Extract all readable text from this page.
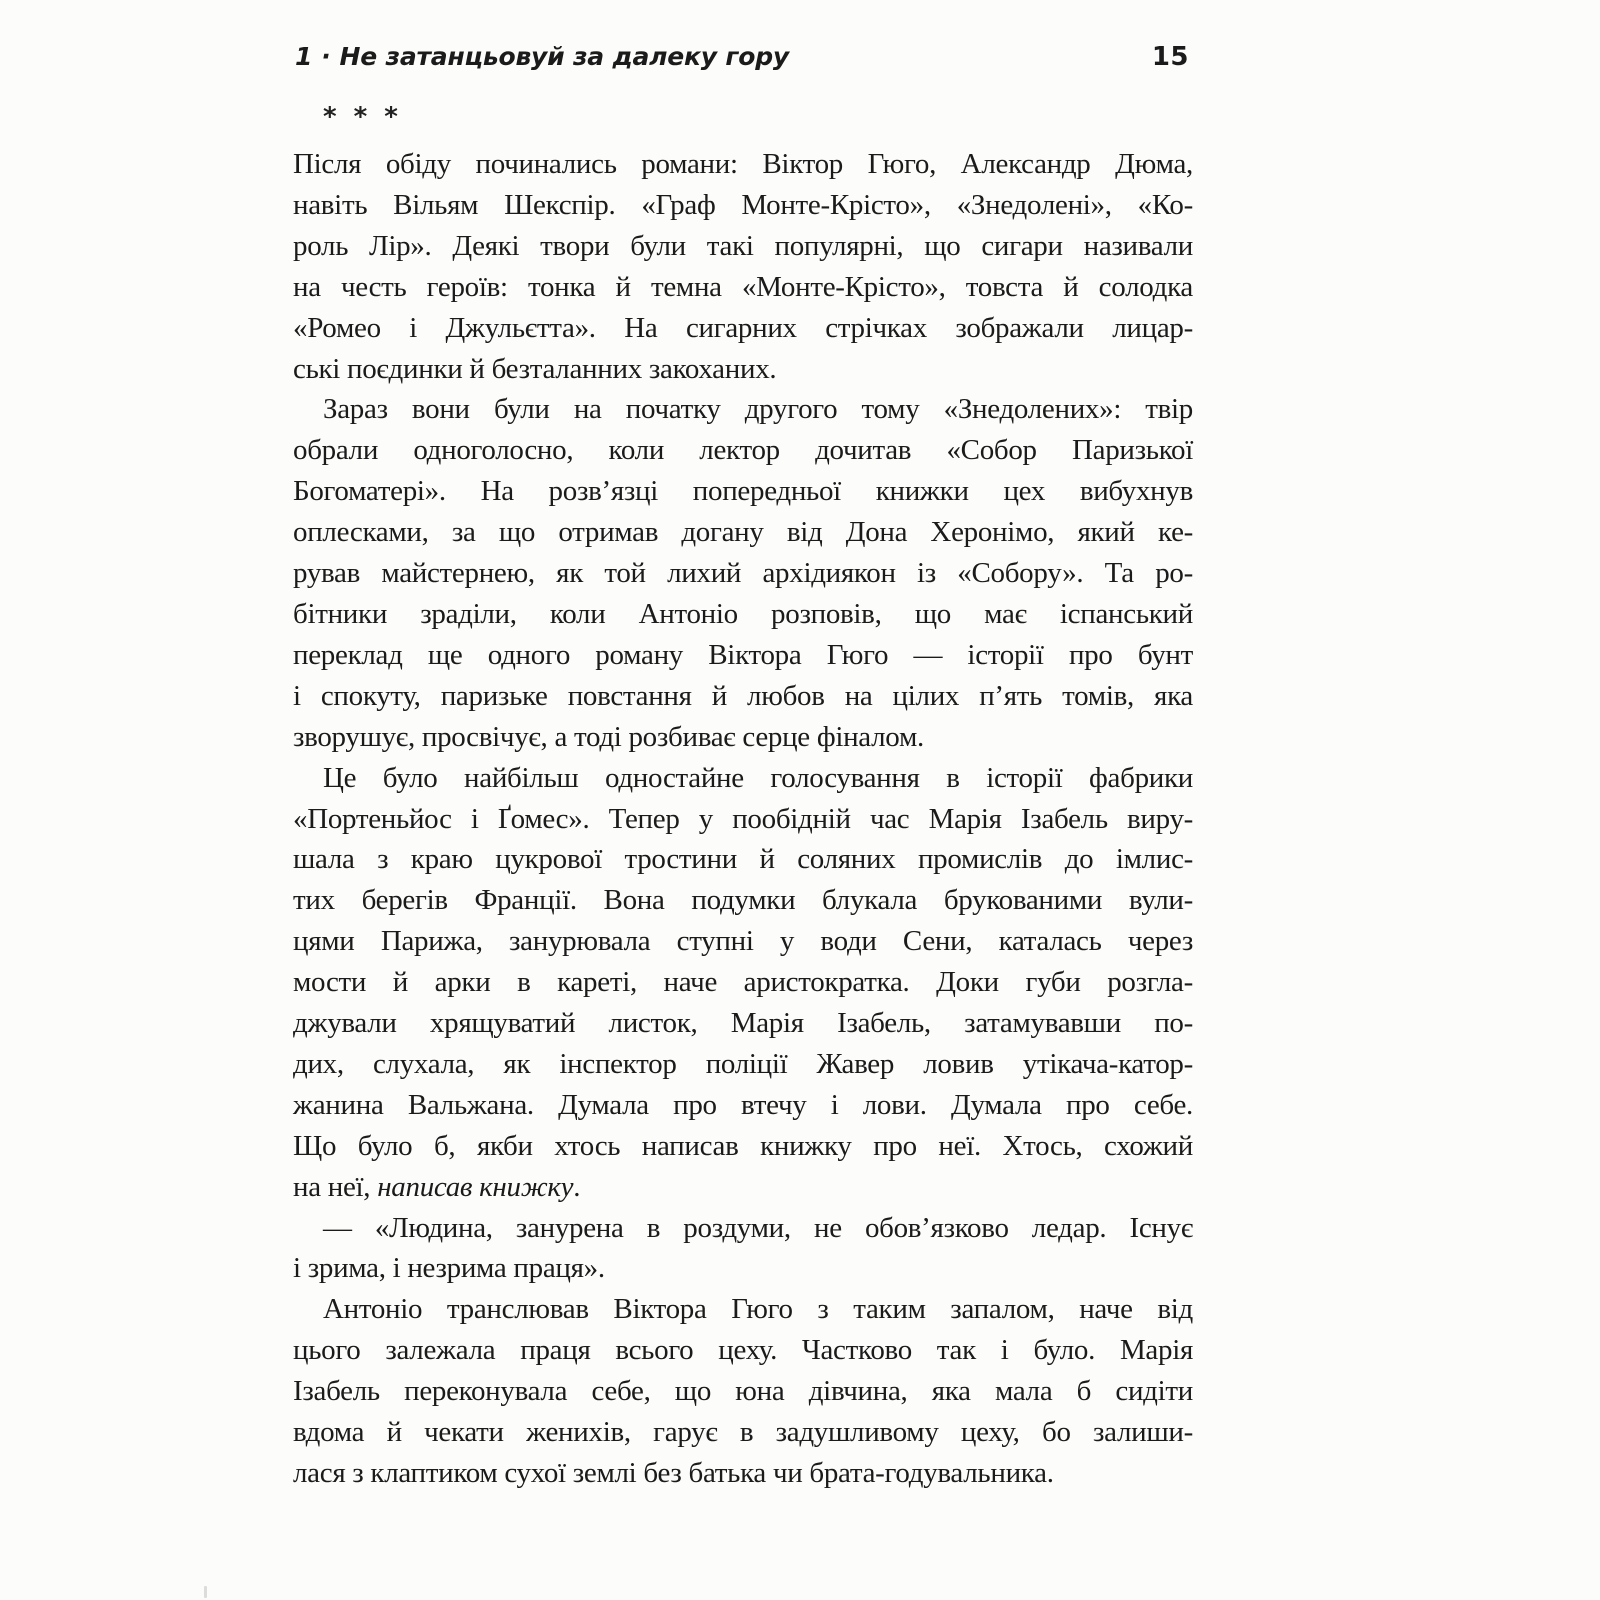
1 · Не затанцьовуй за далеку гору	15
* * *
Після обіду починались романи: Віктор Гюго, Александр Дюма,
навіть Вільям Шекспір. «Граф Монте-Крісто», «Знедолені», «Ко-
роль Лір». Деякі твори були такі популярні, що сигари називали
на честь героїв: тонка й темна «Монте-Крісто», товста й солодка
«Ромео і Джульєтта». На сигарних стрічках зображали лицар-
ські поєдинки й безталанних закоханих.
Зараз вони були на початку другого тому «Знедолених»: твір
обрали одноголосно, коли лектор дочитав «Собор Паризької
Богоматері». На розв’язці попередньої книжки цех вибухнув
оплесками, за що отримав догану від Дона Херонімо, який ке-
рував майстернею, як той лихий архідиякон із «Собору». Та ро-
бітники зраділи, коли Антоніо розповів, що має іспанський
переклад ще одного роману Віктора Гюго — історії про бунт
і спокуту, паризьке повстання й любов на цілих п’ять томів, яка
зворушує, просвічує, а тоді розбиває серце фіналом.
Це було найбільш одностайне голосування в історії фабрики
«Портеньйос і Ґомес». Тепер у пообідній час Марія Ізабель виру-
шала з краю цукрової тростини й соляних промислів до імлис-
тих берегів Франції. Вона подумки блукала брукованими вули-
цями Парижа, занурювала ступні у води Сени, каталась через
мости й арки в кареті, наче аристократка. Доки губи розгла-
джували хрящуватий листок, Марія Ізабель, затамувавши по-
дих, слухала, як інспектор поліції Жавер ловив утікача-катор-
жанина Вальжана. Думала про втечу і лови. Думала про себе.
Що було б, якби хтось написав книжку про неї. Хтось, схожий
на неї, написав книжку.
— «Людина, занурена в роздуми, не обов’язково ледар. Існує
і зрима, і незрима праця».
Антоніо транслював Віктора Гюго з таким запалом, наче від
цього залежала праця всього цеху. Частково так і було. Марія
Ізабель переконувала себе, що юна дівчина, яка мала б сидіти
вдома й чекати женихів, гарує в задушливому цеху, бо залиши-
лася з клаптиком сухої землі без батька чи брата-годувальника.
